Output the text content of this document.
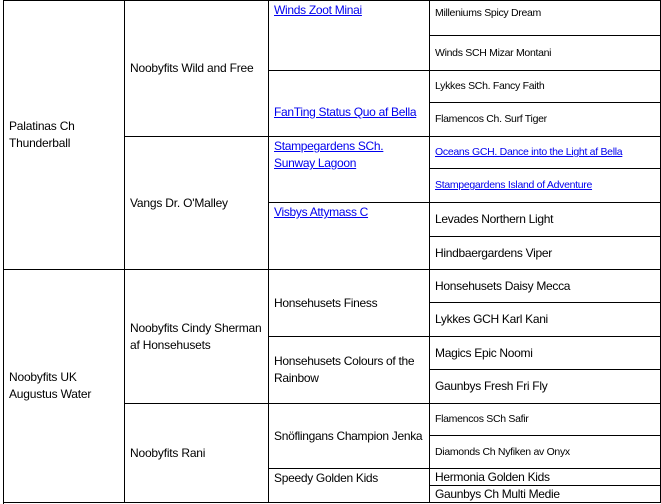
Palatinas Ch Thunderball
Noobyfits UK Augustus Water
Noobyfits Wild and Free
Vangs Dr. O'Malley
Noobyfits Cindy Sherman af Honsehusets
Noobyfits Rani
Winds Zoot Minai
FanTing Status Quo af Bella
Stampegardens SCh. Sunway Lagoon
Visbys Attymass C
Honsehusets Finess
Honsehusets Colours of the Rainbow
Snöflingans Champion Jenka
Speedy Golden Kids
Milleniums Spicy Dream
Winds SCH Mizar Montani
Lykkes SCh. Fancy Faith
Flamencos Ch. Surf Tiger
Oceans GCH. Dance into the Light af Bella
Stampegardens Island of Adventure
Levades Northern Light
Hindbaergardens Viper
Honsehusets Daisy Mecca
Lykkes GCH Karl Kani
Magics Epic Noomi
Gaunbys Fresh Fri Fly
Flamencos SCh Safir
Diamonds Ch Nyfiken av Onyx
Hermonia Golden Kids
Gaunbys Ch Multi Medie
